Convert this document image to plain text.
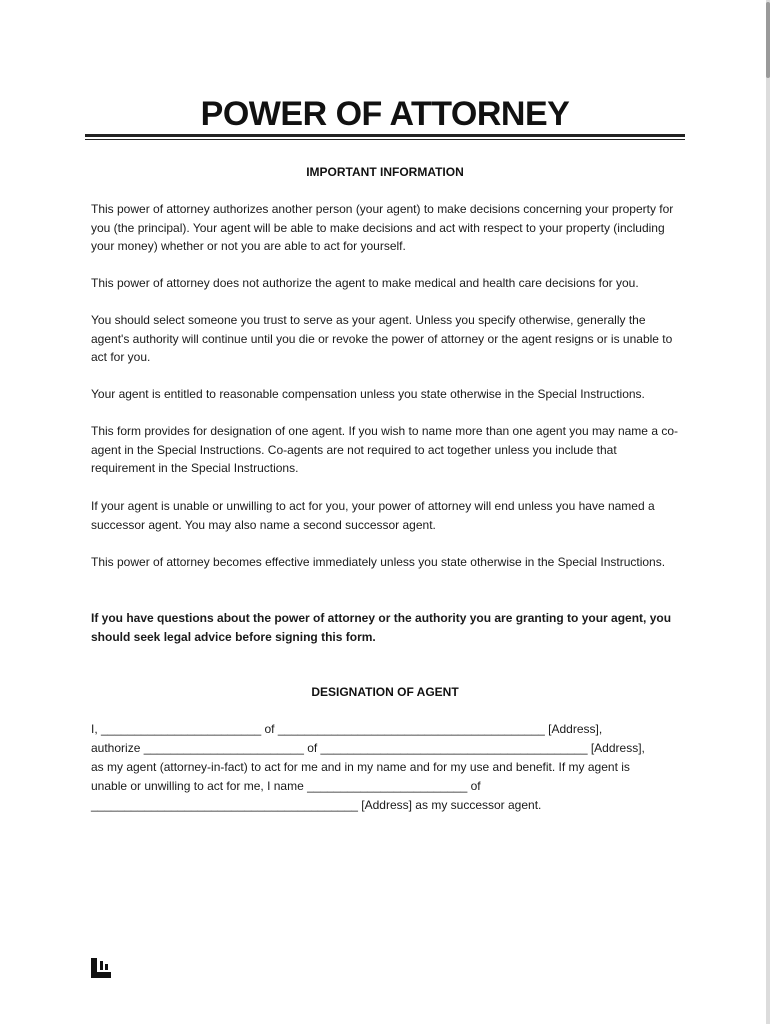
POWER OF ATTORNEY
IMPORTANT INFORMATION

This power of attorney authorizes another person (your agent) to make decisions concerning your property for you (the principal). Your agent will be able to make decisions and act with respect to your property (including your money) whether or not you are able to act for yourself.

This power of attorney does not authorize the agent to make medical and health care decisions for you.

You should select someone you trust to serve as your agent. Unless you specify otherwise, generally the agent's authority will continue until you die or revoke the power of attorney or the agent resigns or is unable to act for you.

Your agent is entitled to reasonable compensation unless you state otherwise in the Special Instructions.

This form provides for designation of one agent. If you wish to name more than one agent you may name a co-agent in the Special Instructions. Co-agents are not required to act together unless you include that requirement in the Special Instructions.

If your agent is unable or unwilling to act for you, your power of attorney will end unless you have named a successor agent. You may also name a second successor agent.

This power of attorney becomes effective immediately unless you state otherwise in the Special Instructions.

If you have questions about the power of attorney or the authority you are granting to your agent, you should seek legal advice before signing this form.

DESIGNATION OF AGENT

I, ________________________ of ________________________________________ [Address],

authorize ________________________ of ________________________________________ [Address],

as my agent (attorney-in-fact) to act for me and in my name and for my use and benefit. If my agent is

unable or unwilling to act for me, I name ________________________ of

________________________________________ [Address] as my successor agent.
